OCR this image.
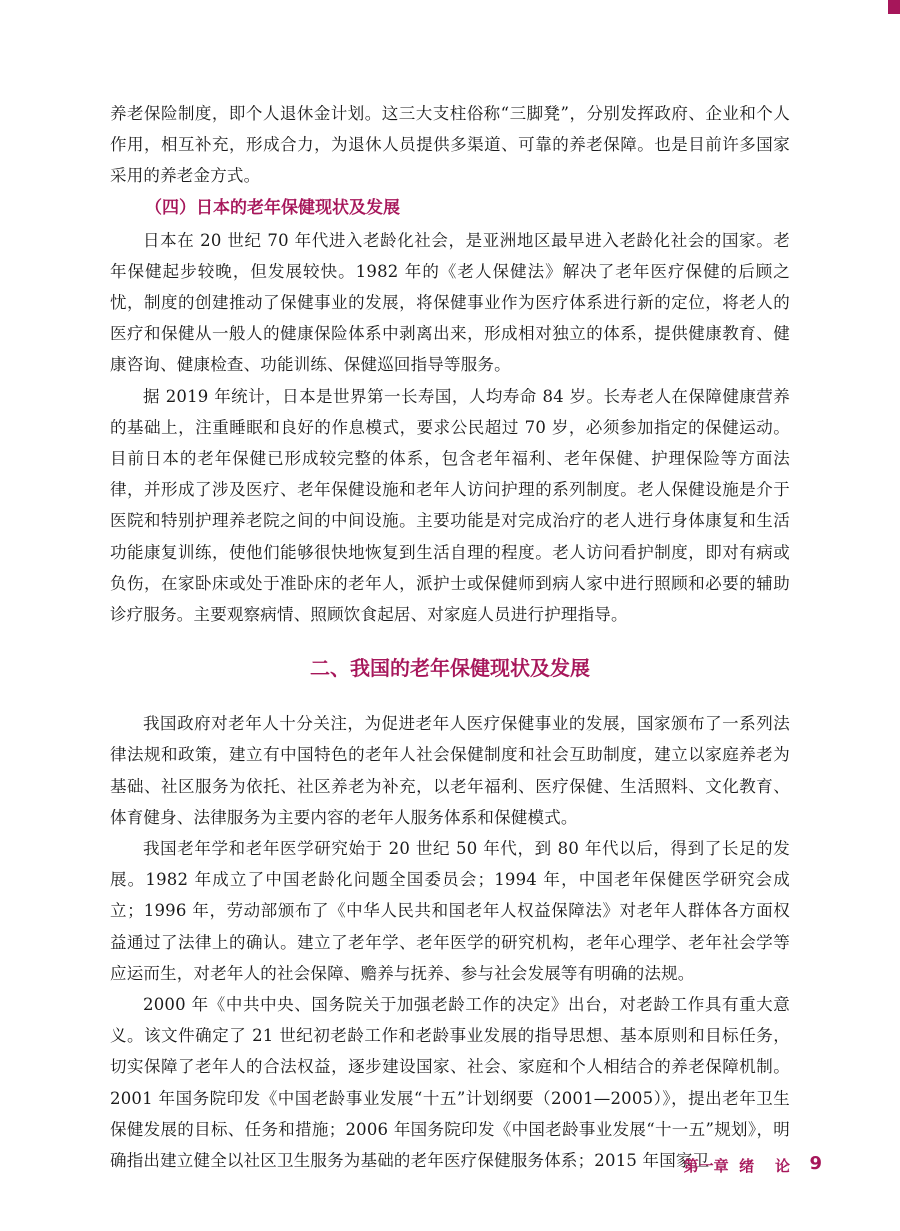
养老保险制度，即个人退休金计划。这三大支柱俗称“三脚凳”，分别发挥政府、企业和个人作用，相互补充，形成合力，为退休人员提供多渠道、可靠的养老保障。也是目前许多国家采用的养老金方式。

（四）日本的老年保健现状及发展

日本在 20 世纪 70 年代进入老龄化社会，是亚洲地区最早进入老龄化社会的国家。老年保健起步较晚，但发展较快。1982 年的《老人保健法》解决了老年医疗保健的后顾之忧，制度的创建推动了保健事业的发展，将保健事业作为医疗体系进行新的定位，将老人的医疗和保健从一般人的健康保险体系中剥离出来，形成相对独立的体系，提供健康教育、健康咨询、健康检查、功能训练、保健巡回指导等服务。

据 2019 年统计，日本是世界第一长寿国，人均寿命 84 岁。长寿老人在保障健康营养的基础上，注重睡眠和良好的作息模式，要求公民超过 70 岁，必须参加指定的保健运动。目前日本的老年保健已形成较完整的体系，包含老年福利、老年保健、护理保险等方面法律，并形成了涉及医疗、老年保健设施和老年人访问护理的系列制度。老人保健设施是介于医院和特别护理养老院之间的中间设施。主要功能是对完成治疗的老人进行身体康复和生活功能康复训练，使他们能够很快地恢复到生活自理的程度。老人访问看护制度，即对有病或负伤，在家卧床或处于准卧床的老年人，派护士或保健师到病人家中进行照顾和必要的辅助诊疗服务。主要观察病情、照顾饮食起居、对家庭人员进行护理指导。

二、我国的老年保健现状及发展

我国政府对老年人十分关注，为促进老年人医疗保健事业的发展，国家颁布了一系列法律法规和政策，建立有中国特色的老年人社会保健制度和社会互助制度，建立以家庭养老为基础、社区服务为依托、社区养老为补充，以老年福利、医疗保健、生活照料、文化教育、体育健身、法律服务为主要内容的老年人服务体系和保健模式。

我国老年学和老年医学研究始于 20 世纪 50 年代，到 80 年代以后，得到了长足的发展。1982 年成立了中国老龄化问题全国委员会；1994 年，中国老年保健医学研究会成立；1996 年，劳动部颁布了《中华人民共和国老年人权益保障法》对老年人群体各方面权益通过了法律上的确认。建立了老年学、老年医学的研究机构，老年心理学、老年社会学等应运而生，对老年人的社会保障、赡养与抚养、参与社会发展等有明确的法规。

2000 年《中共中央、国务院关于加强老龄工作的决定》出台，对老龄工作具有重大意义。该文件确定了 21 世纪初老龄工作和老龄事业发展的指导思想、基本原则和目标任务，切实保障了老年人的合法权益，逐步建设国家、社会、家庭和个人相结合的养老保障机制。2001 年国务院印发《中国老龄事业发展“十五”计划纲要（2001—2005）》，提出老年卫生保健发展的目标、任务和措施；2006 年国务院印发《中国老龄事业发展“十一五”规划》，明确指出建立健全以社区卫生服务为基础的老年医疗保健服务体系；2015 年国家卫

第一章  绪    论 9
